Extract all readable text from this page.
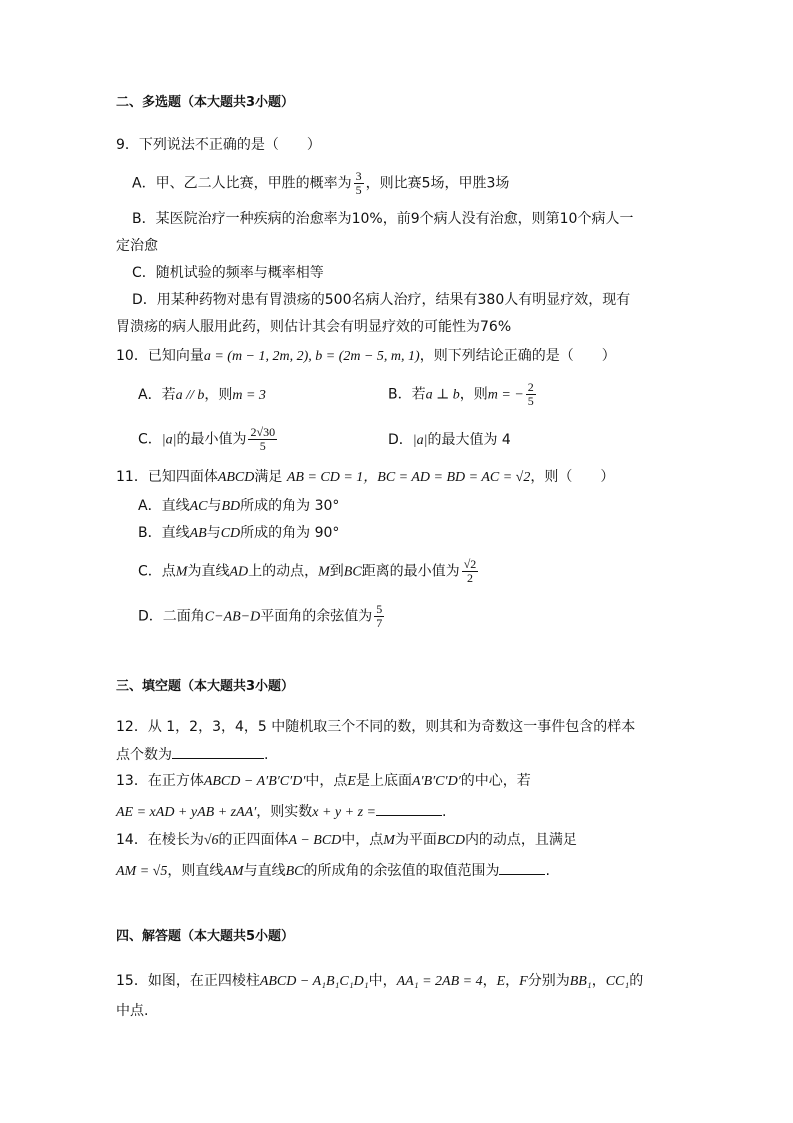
二、多选题（本大题共3小题）
9．下列说法不正确的是（　　）
A．甲、乙二人比赛，甲胜的概率为 $\frac{3}{5}$ ，则比赛5场，甲胜3场
B．某医院治疗一种疾病的治愈率为10%，前9个病人没有治愈，则第10个病人一
定治愈
C．随机试验的频率与概率相等
D．用某种药物对患有胃溃疡的500名病人治疗，结果有380人有明显疗效，现有
胃溃疡的病人服用此药，则估计其会有明显疗效的可能性为76%
10．已知向量a = (m − 1, 2m, 2), b = (2m − 5, m, 1)，则下列结论正确的是（　　）
A．若a // b，则m = 3	B．若a ⊥ b，则m = − $\frac{2}{5}$
C．|a|的最小值为 $\frac{2√30}{5}$	D．|a|的最大值为 4
11．已知四面体ABCD满足 AB = CD = 1，BC = AD = BD = AC = √2，则（　　）
A．直线AC与BD所成的角为 30°
B．直线AB与CD所成的角为 90°
C．点M为直线AD上的动点，M到BC距离的最小值为 $\frac{√2}{2}$
D．二面角C−AB−D平面角的余弦值为 $\frac{5}{7}$
三、填空题（本大题共3小题）
12．从 1，2，3，4，5 中随机取三个不同的数，则其和为奇数这一事件包含的样本
点个数为	.
13．在正方体ABCD − A′B′C′D′中，点E是上底面A′B′C′D′的中心，若
AE = xAD + yAB + zAA′，则实数x + y + z =	.
14．在棱长为√6的正四面体A − BCD中，点M为平面BCD内的动点，且满足
AM = √5，则直线AM与直线BC的所成角的余弦值的取值范围为	.
四、解答题（本大题共5小题）
15．如图，在正四棱柱ABCD − A₁B₁C₁D₁中，AA₁ = 2AB = 4，E，F分别为BB₁，CC₁的
中点.
